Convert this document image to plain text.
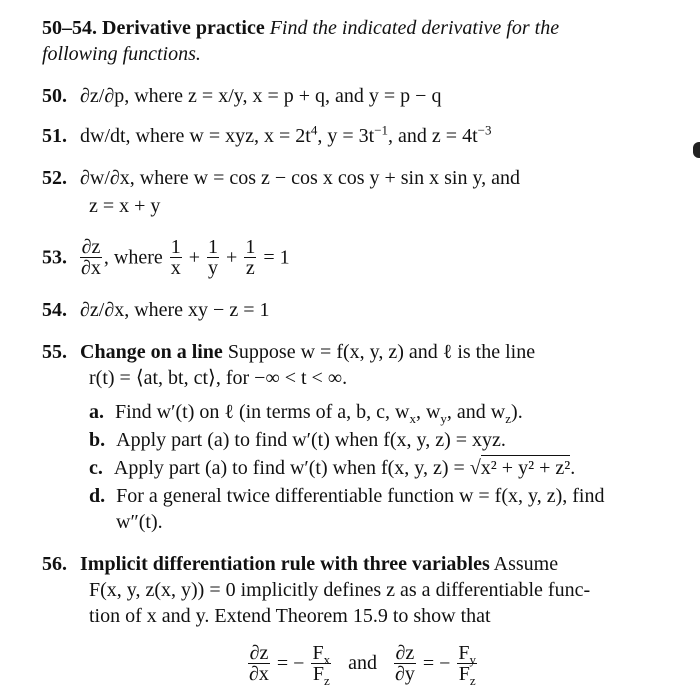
50–54. Derivative practice Find the indicated derivative for the
following functions.
50. ∂z/∂p, where z = x/y, x = p + q, and y = p − q
51. dw/dt, where w = xyz, $x = 2t^4$, $y = 3t^{-1}$, and $z = 4t^{-3}$
52. ∂w/∂x, where w = cos z − cos x cos y + sin x sin y, and
z = x + y
53. $\frac{\partial z}{\partial x}$ , where $\frac{1}{x} + \frac{1}{y} + \frac{1}{z} = 1$
54. ∂z/∂x, where xy − z = 1
55. Change on a line Suppose w = f(x, y, z) and ℓ is the line
r(t) = ⟨at, bt, ct⟩, for −∞ < t < ∞.
a. Find w′(t) on ℓ (in terms of a, b, c, $w_x$, $w_y$, and $w_z$).
b. Apply part (a) to find w′(t) when f(x, y, z) = xyz.
c. Apply part (a) to find w′(t) when f(x, y, z) = √x² + y² + z².
d. For a general twice differentiable function w = f(x, y, z), find
w″(t).
56. Implicit differentiation rule with three variables Assume
F(x, y, z(x, y)) = 0 implicitly defines z as a differentiable func-
tion of x and y. Extend Theorem 15.9 to show that
$\frac{\partial z}{\partial x}$ = − $\frac{F_x}{F_z}$ and $\frac{\partial z}{\partial y}$ = − $\frac{F_y}{F_z}$
